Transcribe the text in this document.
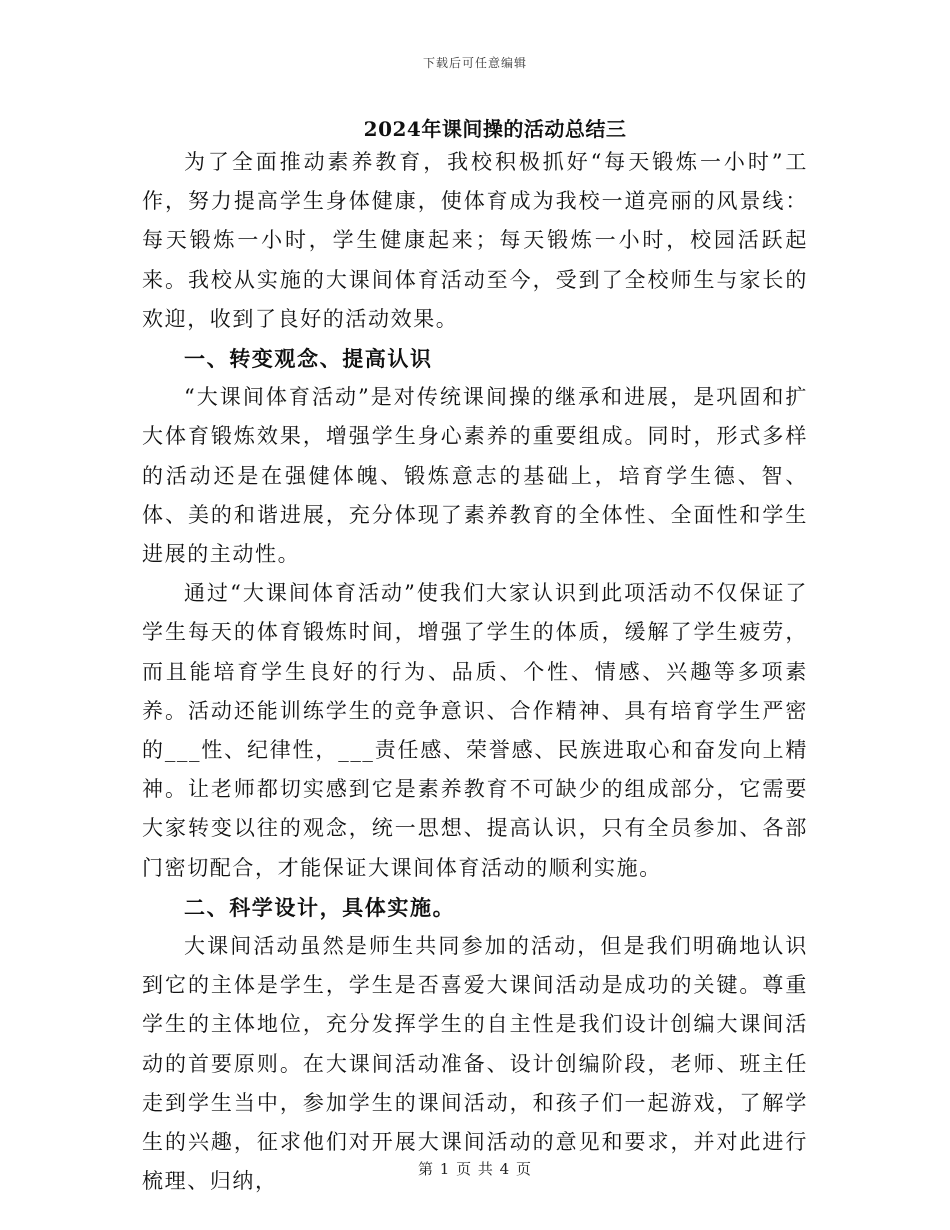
下载后可任意编辑
2024年课间操的活动总结三

为了全面推动素养教育，我校积极抓好“每天锻炼一小时”工作，努力提高学生身体健康，使体育成为我校一道亮丽的风景线：每天锻炼一小时，学生健康起来；每天锻炼一小时，校园活跃起来。我校从实施的大课间体育活动至今，受到了全校师生与家长的欢迎，收到了良好的活动效果。

一、转变观念、提高认识

“大课间体育活动”是对传统课间操的继承和进展，是巩固和扩大体育锻炼效果，增强学生身心素养的重要组成。同时，形式多样的活动还是在强健体魄、锻炼意志的基础上，培育学生德、智、体、美的和谐进展，充分体现了素养教育的全体性、全面性和学生进展的主动性。

通过“大课间体育活动”使我们大家认识到此项活动不仅保证了学生每天的体育锻炼时间，增强了学生的体质，缓解了学生疲劳，而且能培育学生良好的行为、品质、个性、情感、兴趣等多项素养。活动还能训练学生的竞争意识、合作精神、具有培育学生严密的___性、纪律性，___责任感、荣誉感、民族进取心和奋发向上精神。让老师都切实感到它是素养教育不可缺少的组成部分，它需要大家转变以往的观念，统一思想、提高认识，只有全员参加、各部门密切配合，才能保证大课间体育活动的顺利实施。

二、科学设计，具体实施。

大课间活动虽然是师生共同参加的活动，但是我们明确地认识到它的主体是学生，学生是否喜爱大课间活动是成功的关键。尊重学生的主体地位，充分发挥学生的自主性是我们设计创编大课间活动的首要原则。在大课间活动准备、设计创编阶段，老师、班主任走到学生当中，参加学生的课间活动，和孩子们一起游戏，了解学生的兴趣，征求他们对开展大课间活动的意见和要求，并对此进行梳理、归纳，

第 1 页 共 4 页
